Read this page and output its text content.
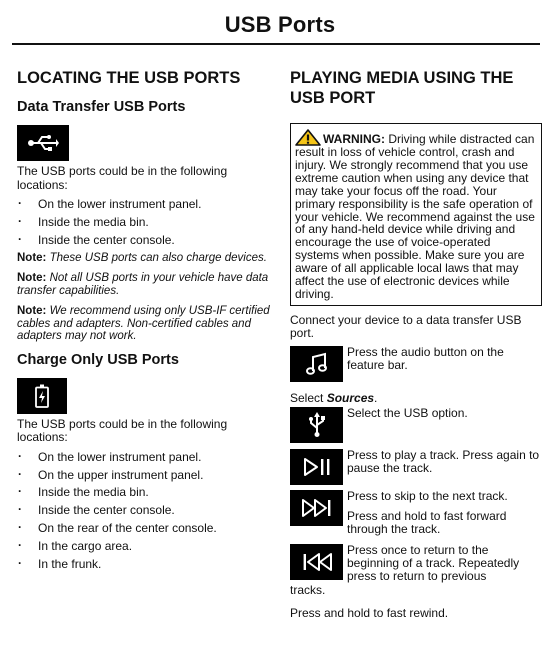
USB Ports
LOCATING THE USB PORTS
Data Transfer USB Ports
The USB ports could be in the following locations:
· On the lower instrument panel.
· Inside the media bin.
· Inside the center console.
Note: These USB ports can also charge devices.
Note: Not all USB ports in your vehicle have data transfer capabilities.
Note: We recommend using only USB-IF certified cables and adapters. Non-certified cables and adapters may not work.
Charge Only USB Ports
The USB ports could be in the following locations:
· On the lower instrument panel.
· On the upper instrument panel.
· Inside the media bin.
· Inside the center console.
· On the rear of the center console.
· In the cargo area.
· In the frunk.
PLAYING MEDIA USING THE USB PORT
WARNING: Driving while distracted can result in loss of vehicle control, crash and injury. We strongly recommend that you use extreme caution when using any device that may take your focus off the road. Your primary responsibility is the safe operation of your vehicle. We recommend against the use of any hand-held device while driving and encourage the use of voice-operated systems when possible. Make sure you are aware of all applicable local laws that may affect the use of electronic devices while driving.
Connect your device to a data transfer USB port.
Press the audio button on the feature bar.
Select Sources.
Select the USB option.
Press to play a track. Press again to pause the track.
Press to skip to the next track.
Press and hold to fast forward through the track.
Press once to return to the beginning of a track. Repeatedly press to return to previous
tracks.
Press and hold to fast rewind.
